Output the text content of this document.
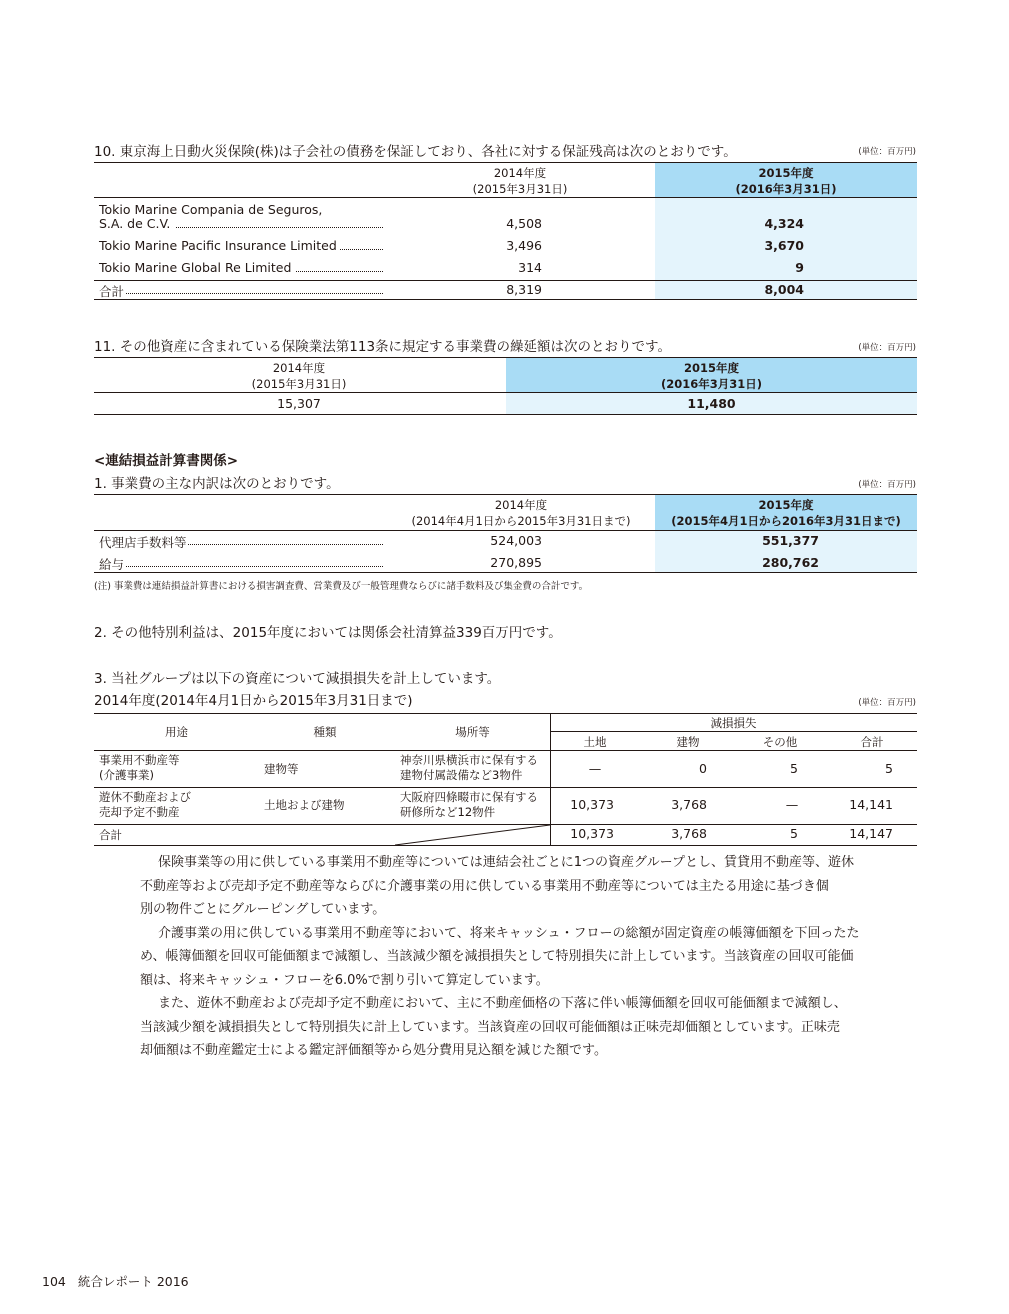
10. 東京海上日動火災保険(株)は子会社の債務を保証しており、各社に対する保証残高は次のとおりです。	(単位：百万円)
2014年度
(2015年3月31日)
2015年度
(2016年3月31日)
Tokio Marine Compania de Seguros,
S.A. de C.V.	4,508	4,324
Tokio Marine Pacific Insurance Limited	3,496	3,670
Tokio Marine Global Re Limited	314	9
合計	8,319	8,004
11. その他資産に含まれている保険業法第113条に規定する事業費の繰延額は次のとおりです。	(単位：百万円)
2014年度
(2015年3月31日)
2015年度
(2016年3月31日)
15,307	11,480
<連結損益計算書関係>
1. 事業費の主な内訳は次のとおりです。	(単位：百万円)
2014年度
(2014年4月1日から2015年3月31日まで)
2015年度
(2015年4月1日から2016年3月31日まで)
代理店手数料等	524,003	551,377
給与	270,895	280,762
(注) 事業費は連結損益計算書における損害調査費、営業費及び一般管理費ならびに諸手数料及び集金費の合計です。
2. その他特別利益は、2015年度においては関係会社清算益339百万円です。
3. 当社グループは以下の資産について減損損失を計上しています。
2014年度(2014年4月1日から2015年3月31日まで)	(単位：百万円)
用途	種類	場所等
減損損失
土地	建物	その他	合計
事業用不動産等
(介護事業)	建物等
神奈川県横浜市に保有する
建物付属設備など3物件	—	0	5	5
遊休不動産および
売却予定不動産	土地および建物
大阪府四條畷市に保有する
研修所など12物件	10,373	3,768	—	14,141
合計	10,373	3,768	5	14,147
保険事業等の用に供している事業用不動産等については連結会社ごとに1つの資産グループとし、賃貸用不動産等、遊休
不動産等および売却予定不動産等ならびに介護事業の用に供している事業用不動産等については主たる用途に基づき個
別の物件ごとにグルーピングしています。
介護事業の用に供している事業用不動産等において、将来キャッシュ・フローの総額が固定資産の帳簿価額を下回ったた
め、帳簿価額を回収可能価額まで減額し、当該減少額を減損損失として特別損失に計上しています。当該資産の回収可能価
額は、将来キャッシュ・フローを6.0%で割り引いて算定しています。
また、遊休不動産および売却予定不動産において、主に不動産価格の下落に伴い帳簿価額を回収可能価額まで減額し、
当該減少額を減損損失として特別損失に計上しています。当該資産の回収可能価額は正味売却価額としています。正味売
却価額は不動産鑑定士による鑑定評価額等から処分費用見込額を減じた額です。
104 統合レポート 2016
